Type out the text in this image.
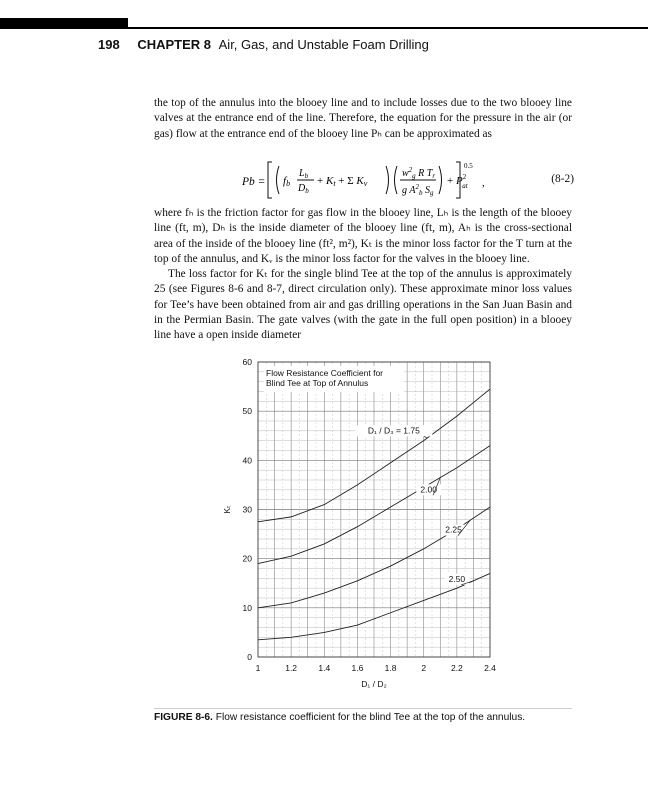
198 CHAPTER 8 Air, Gas, and Unstable Foam Drilling

the top of the annulus into the blooey line and to include losses due to the two blooey line valves at the entrance end of the line. Therefore, the equation for the pressure in the air (or gas) flow at the entrance end of the blooey line Pₕ can be approximated as

Pb = fb
$L_b$
$D_b$
+ Kt + Σ Kv
$w^2_g$ R $T_r$
g $A^2_b$ $S_g$
+ $P^2$ at
0.5
,	(8-2)

where fₕ is the friction factor for gas flow in the blooey line, Lₕ is the length of the blooey line (ft, m), Dₕ is the inside diameter of the blooey line (ft, m), Aₕ is the cross-sectional area of the inside of the blooey line (ft², m²), Kₜ is the minor loss factor for the T turn at the top of the annulus, and Kᵥ is the minor loss factor for the valves in the blooey line.

The loss factor for Kₜ for the single blind Tee at the top of the annulus is approximately 25 (see Figures 8-6 and 8-7, direct circulation only). These approximate minor loss values for Tee’s have been obtained from air and gas drilling operations in the San Juan Basin and in the Permian Basin. The gate valves (with the gate in the full open position) in a blooey line have a open inside diameter

1	1.2	1.4	1.6	1.8	2	2.2	2.4
0
10
20
30
40
50
60
D₁ / D₂
Kₜ
Flow Resistance Coefficient for
Blind Tee at Top of Annulus
D₁ / D₃ = 1.75
2.00
2.25
2.50
FIGURE 8-6. Flow resistance coefficient for the blind Tee at the top of the annulus.
